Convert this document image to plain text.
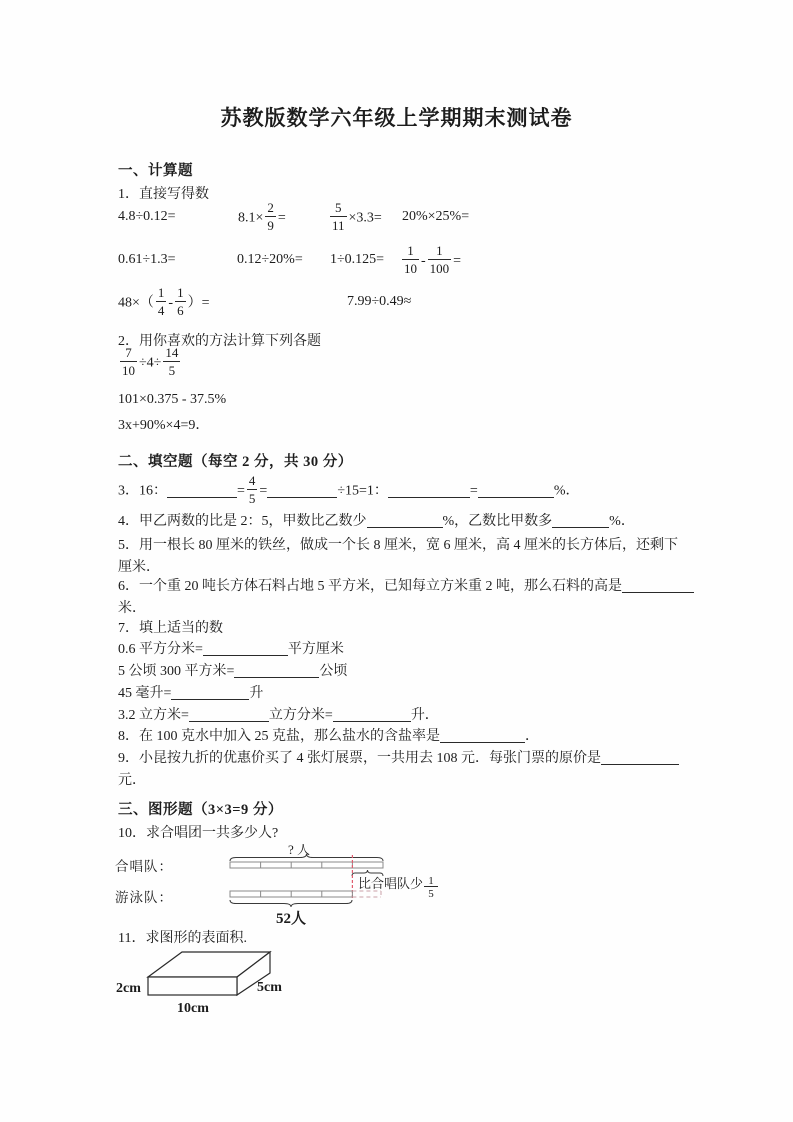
苏教版数学六年级上学期期末测试卷
一、计算题
1．直接写得数
4.8÷0.12=	$8.1\times \frac{2}{9}$ =	$\frac{5}{11} \times 3.3= 20\%\times 25\%=$
0.61÷1.3=	$0.12\div 20\%= 1\div 0.125= \frac{1}{10} - \frac{1}{100}$ =
$48\times( \frac{1}{4} - \frac{1}{6}$ ）=	7.99÷0.49≈
2．用你喜欢的方法计算下列各题
$\frac{7}{10} \div 4\div \frac{14}{5}$
101×0.375 - 37.5%
3x+90%×4=9．
二、填空题（每空 2 分，共 30 分）
3．16：	= $\frac{4}{5}$ =	÷15=1：	=	%．
4．甲乙两数的比是 2：5，甲数比乙数少	%，乙数比甲数多	%．
5．用一根长 80 厘米的铁丝，做成一个长 8 厘米，宽 6 厘米，高 4 厘米的长方体后，还剩下
厘米．
6．一个重 20 吨长方体石料占地 5 平方米，已知每立方米重 2 吨，那么石料的高是
米．
7．填上适当的数
0.6 平方分米=	平方厘米
5 公顷 300 平方米=	公顷
45 毫升=	升
3.2 立方米=	立方分米=	升．
8．在 100 克水中加入 25 克盐，那么盐水的含盐率是	．
9．小昆按九折的优惠价买了 4 张灯展票，一共用去 108 元．每张门票的原价是
元．
三、图形题（3×3=9 分）
10．求合唱团一共多少人?
合唱队：
游泳队：
? 人
比合唱队少 1
5
52人
11．求图形的表面积.
2cm
10cm
5cm
